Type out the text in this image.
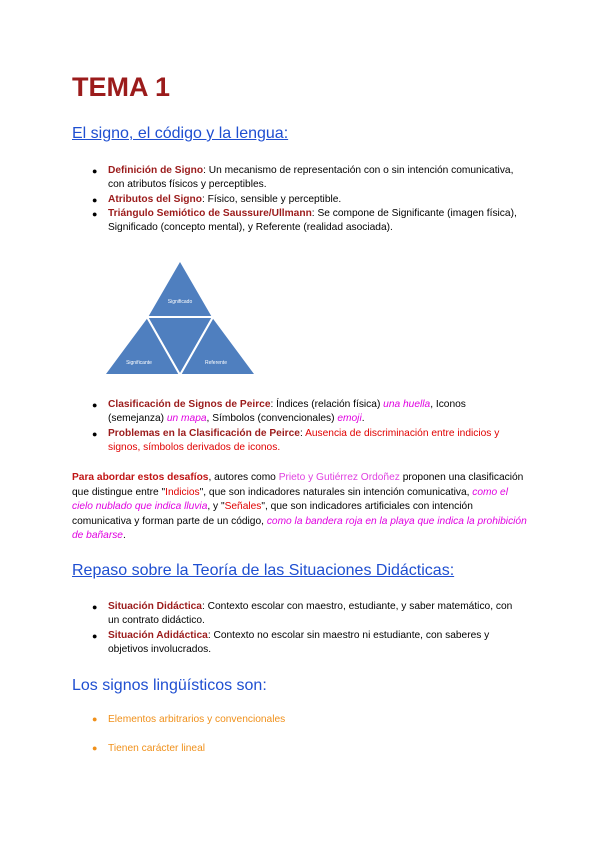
TEMA 1
El signo, el código y la lengua:
● Definición de Signo: Un mecanismo de representación con o sin intención comunicativa, con atributos físicos y perceptibles.
● Atributos del Signo: Físico, sensible y perceptible.
● Triángulo Semiótico de Saussure/Ullmann: Se compone de Significante (imagen física), Significado (concepto mental), y Referente (realidad asociada).
Significado
Significante	Referente
● Clasificación de Signos de Peirce: Índices (relación física) una huella, Iconos (semejanza) un mapa, Símbolos (convencionales) emoji.
● Problemas en la Clasificación de Peirce: Ausencia de discriminación entre indicios y signos, símbolos derivados de iconos.

Para abordar estos desafíos, autores como Prieto y Gutiérrez Ordoñez proponen una clasificación que distingue entre "Indicios", que son indicadores naturales sin intención comunicativa, como el cielo nublado que indica lluvia, y "Señales", que son indicadores artificiales con intención comunicativa y forman parte de un código, como la bandera roja en la playa que indica la prohibición de bañarse.

Repaso sobre la Teoría de las Situaciones Didácticas:
● Situación Didáctica: Contexto escolar con maestro, estudiante, y saber matemático, con un contrato didáctico.
● Situación Adidáctica: Contexto no escolar sin maestro ni estudiante, con saberes y objetivos involucrados.
Los signos lingüísticos son:
● Elementos arbitrarios y convencionales
● Tienen carácter lineal
